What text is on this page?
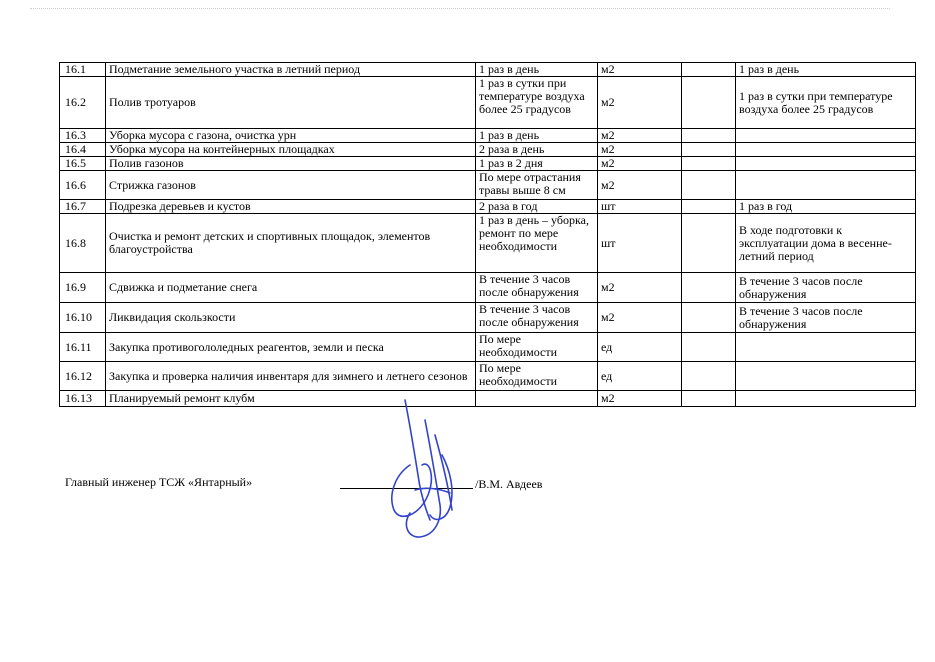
16.1	Подметание земельного участка в летний период	1 раз в день	м2		1 раз в день
16.2	Полив тротуаров	1 раз в сутки при температуре воздуха более 25 градусов	м2		1 раз в сутки при температуре воздуха более 25 градусов
16.3	Уборка мусора с газона, очистка урн	1 раз в день	м2		
16.4	Уборка мусора на контейнерных площадках	2 раза в день	м2		
16.5	Полив газонов	1 раз в 2 дня	м2		
16.6	Стрижка газонов	По мере отрастания травы выше 8 см	м2		
16.7	Подрезка деревьев и кустов	2 раза в год	шт		1 раз в год
16.8	Очистка и ремонт детских и спортивных площадок, элементов благоустройства	1 раз в день – уборка, ремонт по мере необходимости	шт		В ходе подготовки к эксплуатации дома в весенне-летний период
16.9	Сдвижка и подметание снега	В течение 3 часов после обнаружения	м2		В течение 3 часов после обнаружения
16.10	Ликвидация скользкости	В течение 3 часов после обнаружения	м2		В течение 3 часов после обнаружения
16.11	Закупка противогололедных реагентов, земли и песка	По мере необходимости	ед		
16.12	Закупка и проверка наличия инвентаря для зимнего и летнего сезонов	По мере необходимости	ед		
16.13	Планируемый ремонт клубм		м2		
Главный инженер ТСЖ «Янтарный»	/В.М. Авдеев
